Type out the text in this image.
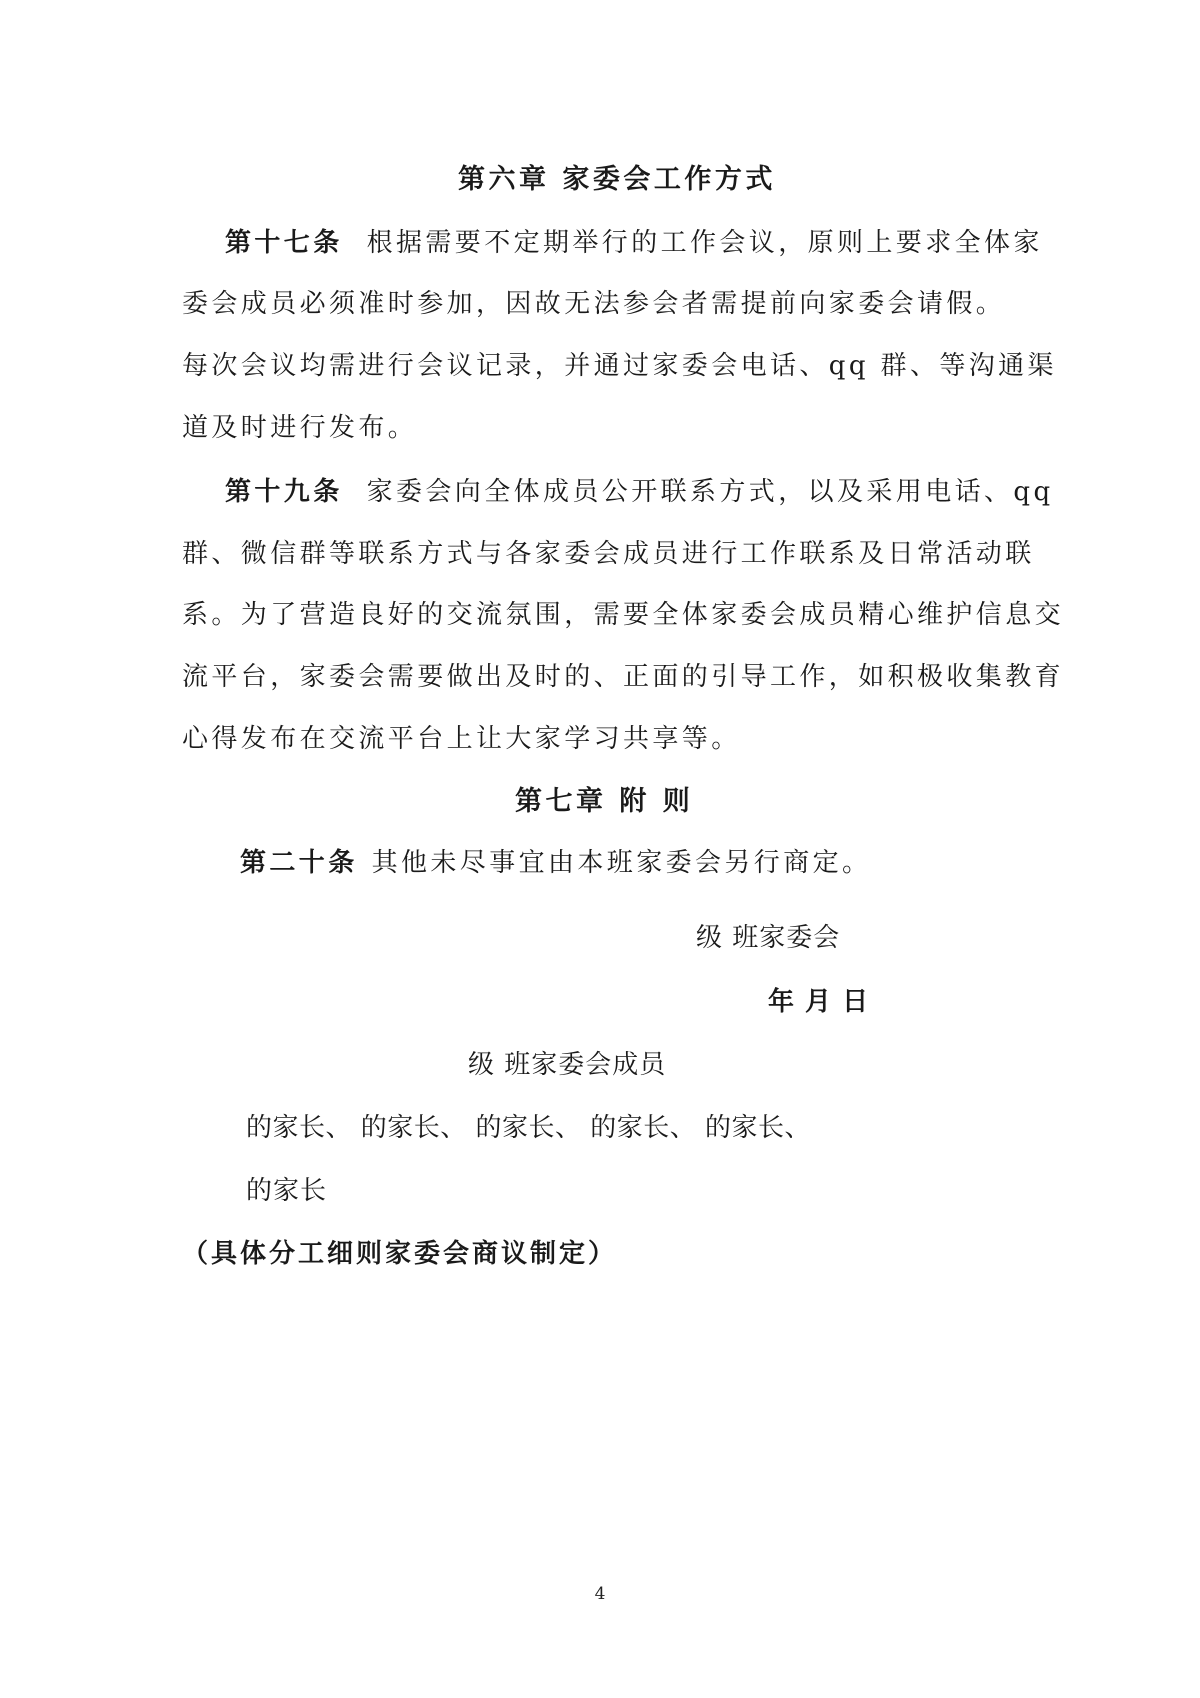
第六章 家委会工作方式
第十七条 根据需要不定期举行的工作会议，原则上要求全体家
委会成员必须准时参加，因故无法参会者需提前向家委会请假。
每次会议均需进行会议记录，并通过家委会电话、qq 群、等沟通渠
道及时进行发布。
第十九条 家委会向全体成员公开联系方式，以及采用电话、qq
群、微信群等联系方式与各家委会成员进行工作联系及日常活动联
系。为了营造良好的交流氛围，需要全体家委会成员精心维护信息交
流平台，家委会需要做出及时的、正面的引导工作，如积极收集教育
心得发布在交流平台上让大家学习共享等。
第七章 附 则
第二十条 其他未尽事宜由本班家委会另行商定。
级 班家委会
年 月 日
级 班家委会成员
的家长、 的家长、 的家长、 的家长、 的家长、
的家长
（具体分工细则家委会商议制定）
4
